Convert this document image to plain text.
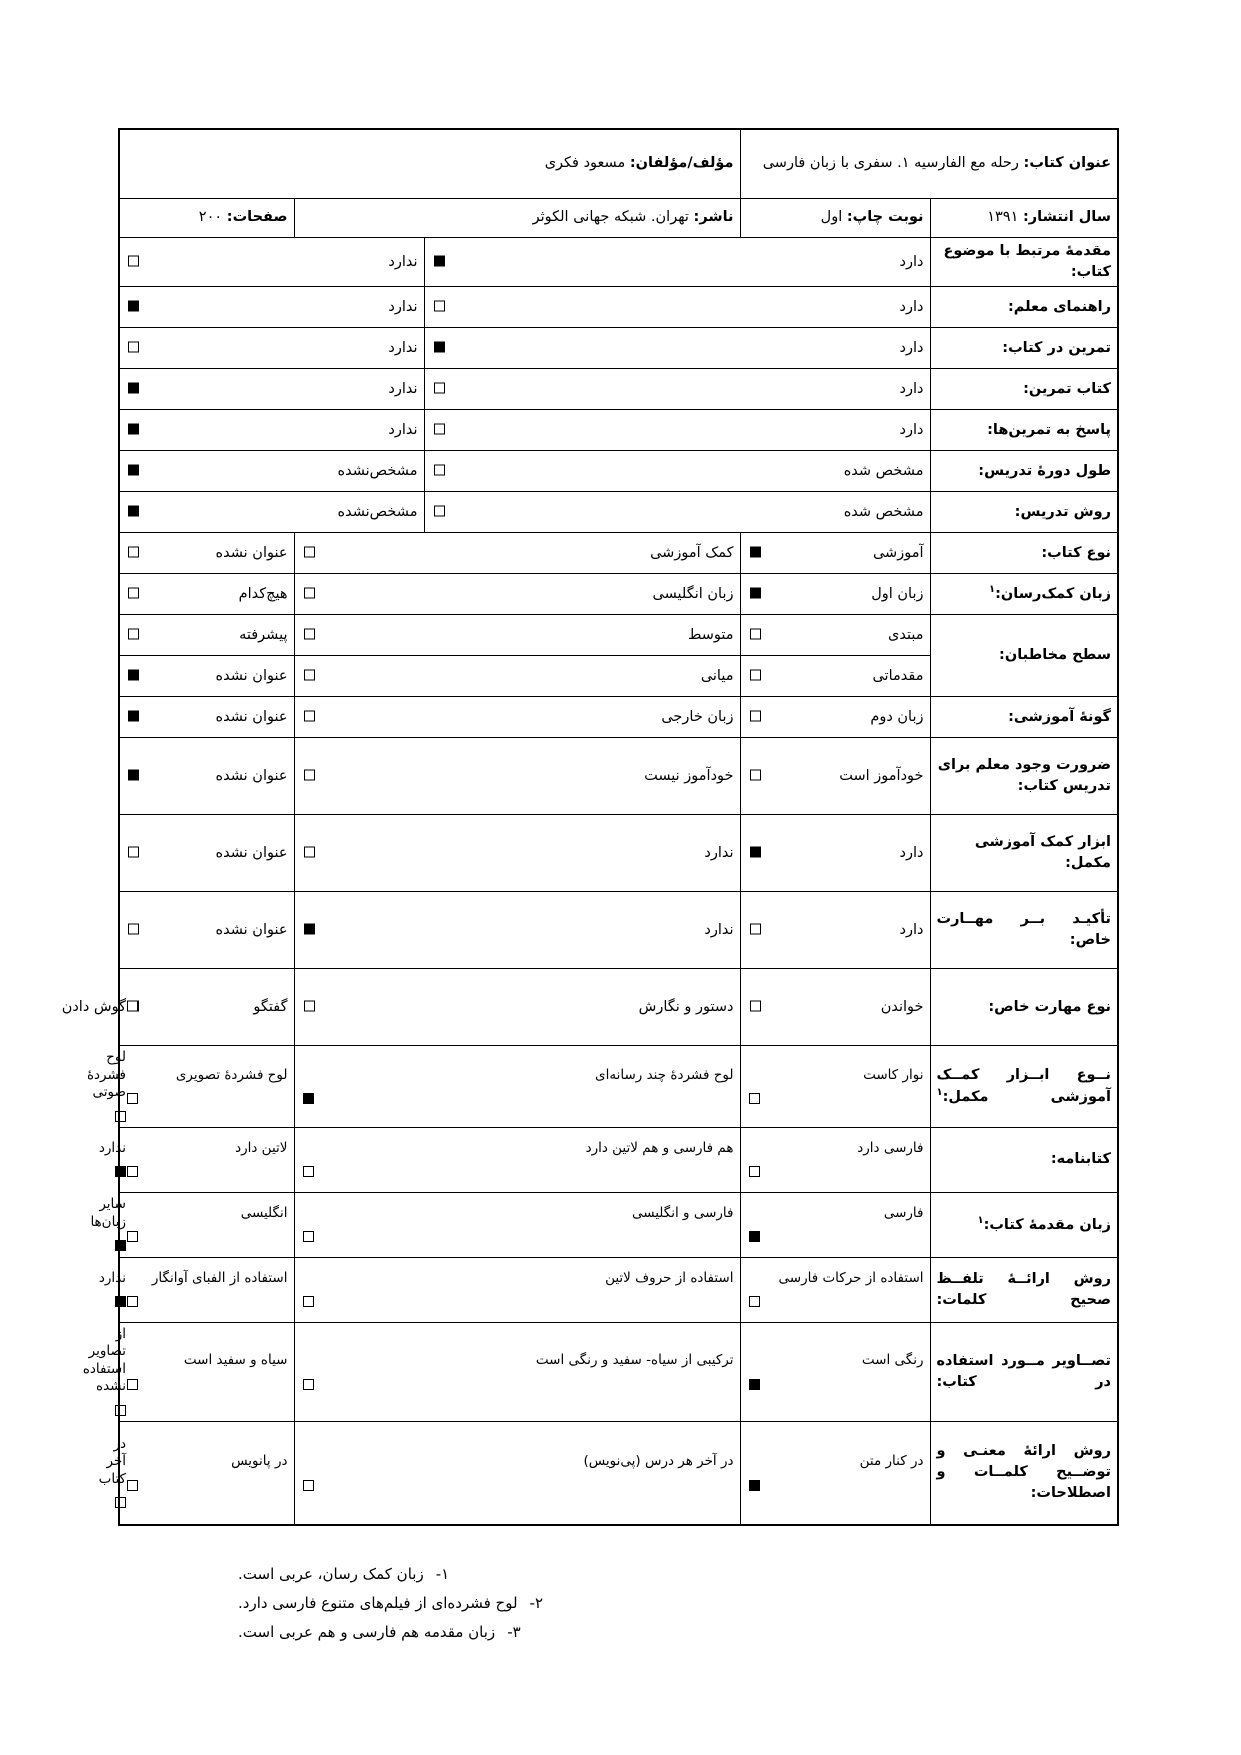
عنوان کتاب: رحله مع الفارسیه ۱. سفری با زبان فارسی		مؤلف/مؤلفان: مسعود فکری			
سال انتشار: ۱۳۹۱	نوبت چاپ: اول	ناشر: تهران. شبکه جهانی الکوثر		صفحات: ۲۰۰	
مقدمهٔ مرتبط با موضوع کتاب:	دارد		ندارد		

راهنمای معلم:	دارد		ندارد		

تمرین در کتاب:	دارد		ندارد		

کتاب تمرین:	دارد		ندارد		

پاسخ به تمرین‌ها:	دارد		ندارد		

طول دورهٔ تدریس:	مشخص شده		مشخص‌نشده		

روش تدریس:	مشخص شده		مشخص‌نشده		

نوع کتاب:	آموزشی	کمک آموزشی		عنوان نشده	

زبان کمک‌رسان:$^۱$	زبان اول	زبان انگلیسی		هیچ‌کدام	

سطح مخاطبان:	مبتدی	متوسط		پیشرفته	

	مقدماتی	میانی		عنوان نشده	

گونهٔ آموزشی:	زبان دوم	زبان خارجی		عنوان نشده	

ضرورت وجود معلم برای تدریس کتاب:	خودآموز است	خودآموز نیست		عنوان نشده	

ابزار کمک آموزشی مکمل:	دارد	ندارد		عنوان نشده	

تأکیـد بــر مهــارت خاص:	دارد	ندارد		عنوان نشده	

نوع مهارت خاص:	خواندن	دستور و نگارش		گفتگو	گوش دادن

نــوع ابــزار کمــک آموزشی مکمل:$^۱$	نوار کاست	لوح فشردهٔ چند رسانه‌ای		لوح فشردهٔ تصویری	لوح فشردهٔ صوتی

کتابنامه:	فارسی دارد	هم فارسی و هم لاتین دارد		لاتین دارد	ندارد

زبان مقدمهٔ کتاب:$^۱$	فارسی	فارسی و انگلیسی		انگلیسی	سایر زبان‌ها

روش ارائــهٔ تلفــظ صحیح کلمات:	استفاده از حرکات فارسی	استفاده از حروف لاتین		استفاده از الفبای آوانگار	ندارد

تصــاویر مــورد استفاده در کتاب:	رنگی است	ترکیبی از سیاه- سفید و رنگی است		سیاه و سفید است	از تصاویر استفاده نشده

روش ارائهٔ معنـی و توضــیح کلمــات و اصطلاحات:	در کنار متن	در آخر هر درس (پی‌نویس)		در پانویس	در آخر کتاب
۱-زبان کمک رسان، عربی است.
۲-لوح فشرده‌ای از فیلم‌های متنوع فارسی دارد.
۳-زبان مقدمه هم فارسی و هم عربی است.
